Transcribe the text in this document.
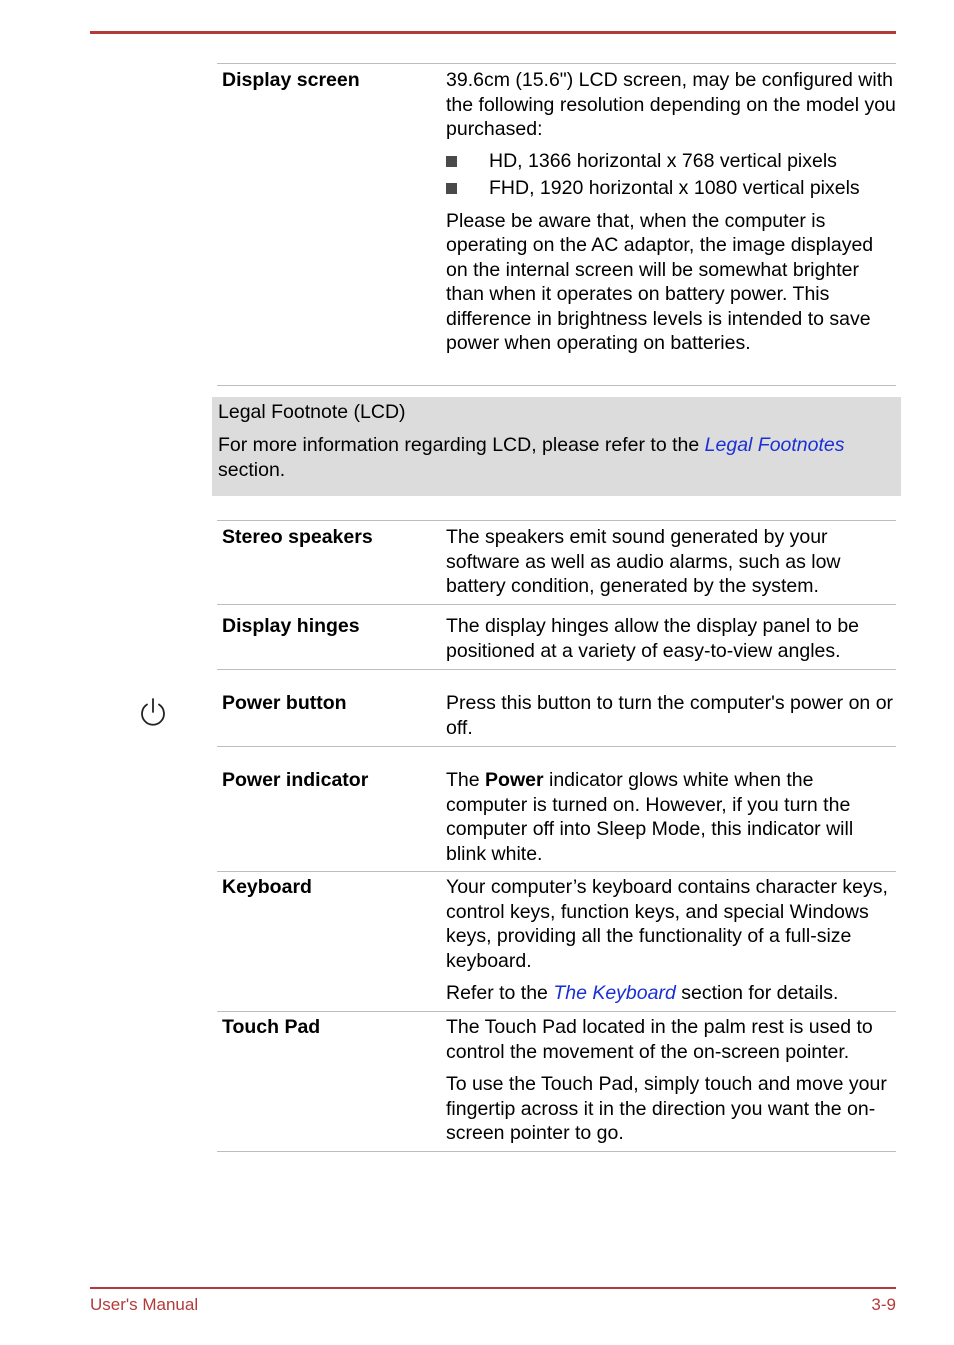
Display screen	39.6cm (15.6") LCD screen, may be configured with the following resolution depending on the model you purchased:

HD, 1366 horizontal x 768 vertical pixels
FHD, 1920 horizontal x 1080 vertical pixels

Please be aware that, when the computer is operating on the AC adaptor, the image displayed on the internal screen will be somewhat brighter than when it operates on battery power. This difference in brightness levels is intended to save power when operating on batteries.

Legal Footnote (LCD)
For more information regarding LCD, please refer to the Legal Footnotes section.
Stereo speakers	The speakers emit sound generated by your software as well as audio alarms, such as low battery condition, generated by the system.

Display hinges	The display hinges allow the display panel to be positioned at a variety of easy-to-view angles.

Power button	Press this button to turn the computer's power on or off.

Power indicator	The Power indicator glows white when the computer is turned on. However, if you turn the computer off into Sleep Mode, this indicator will blink white.

Keyboard	Your computer’s keyboard contains character keys, control keys, function keys, and special Windows keys, providing all the functionality of a full-size keyboard.

Refer to the The Keyboard section for details.

Touch Pad	The Touch Pad located in the palm rest is used to control the movement of the on-screen pointer.

To use the Touch Pad, simply touch and move your fingertip across it in the direction you want the on-screen pointer to go.

User's Manual	3-9
